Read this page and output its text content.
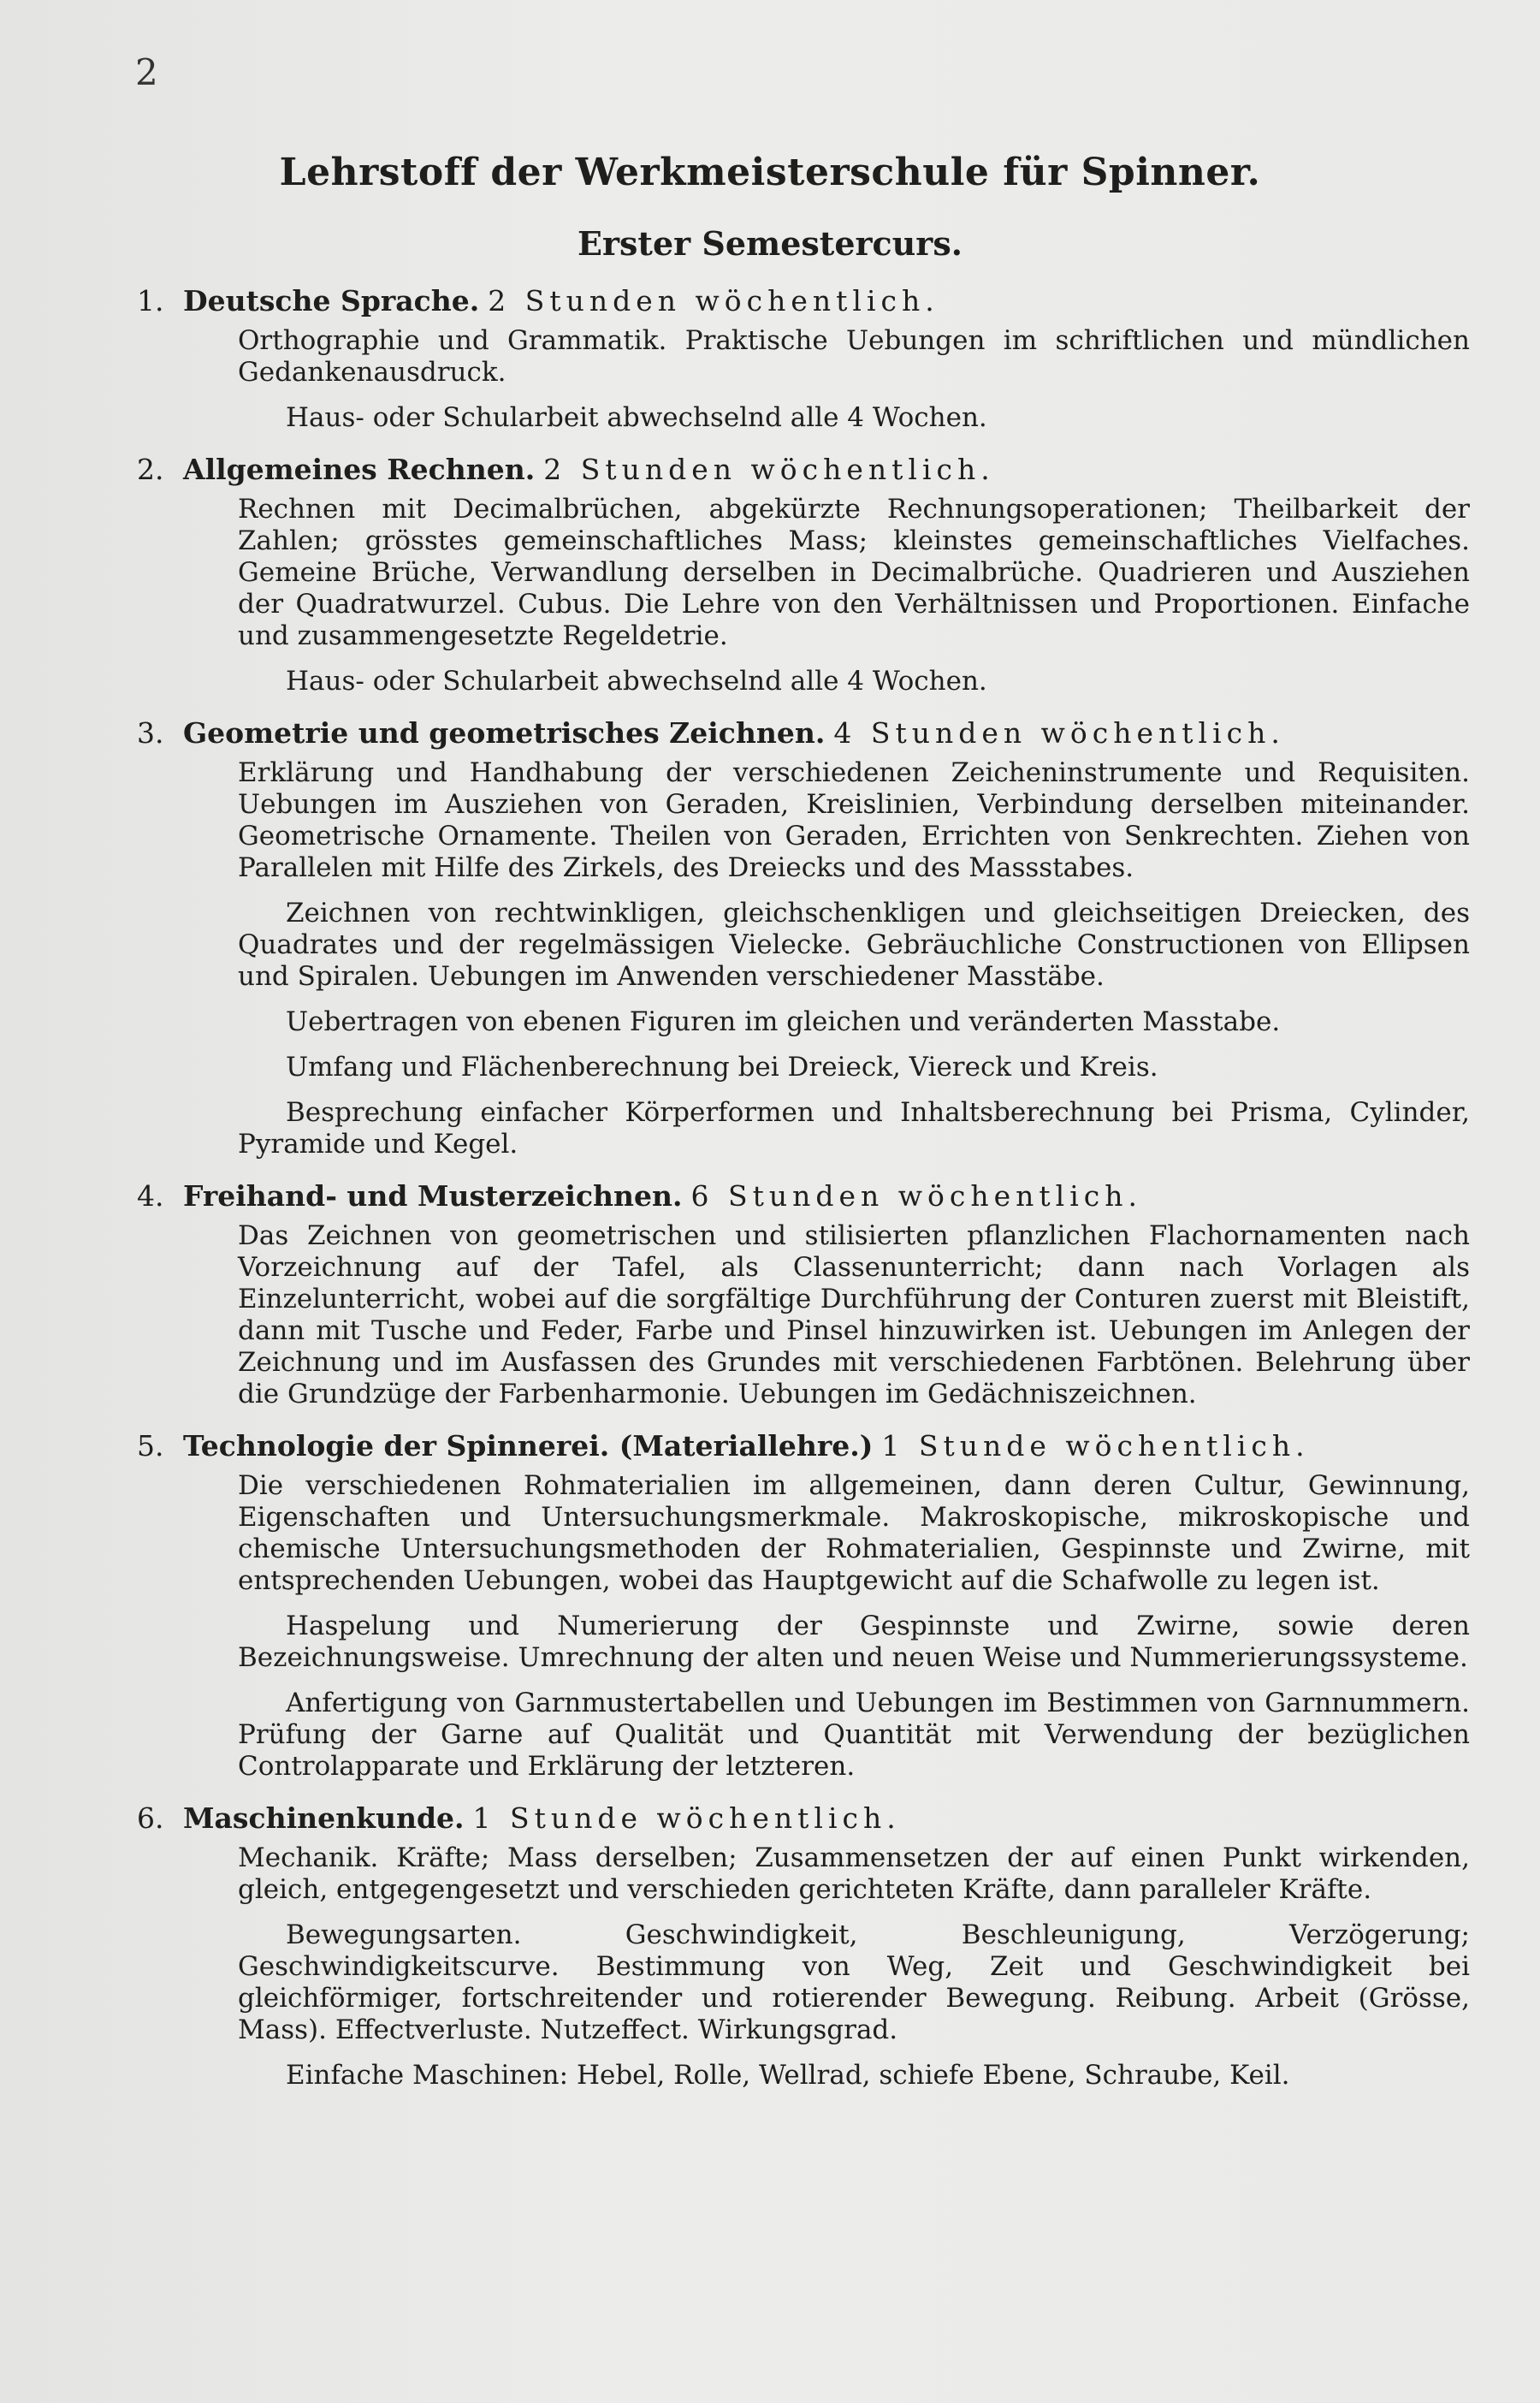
2
Lehrstoff der Werkmeisterschule für Spinner.
Erster Semestercurs.
1. Deutsche Sprache. 2 Stunden wöchentlich.

Orthographie und Grammatik. Praktische Uebungen im schriftlichen und mündlichen Gedankenausdruck.

Haus- oder Schularbeit abwechselnd alle 4 Wochen.

2. Allgemeines Rechnen. 2 Stunden wöchentlich.

Rechnen mit Decimalbrüchen, abgekürzte Rechnungsoperationen; Theilbarkeit der Zahlen; grösstes gemeinschaftliches Mass; kleinstes gemeinschaftliches Vielfaches. Gemeine Brüche, Verwandlung derselben in Decimalbrüche. Quadrieren und Ausziehen der Quadratwurzel. Cubus. Die Lehre von den Verhältnissen und Proportionen. Einfache und zusammengesetzte Regeldetrie.

Haus- oder Schularbeit abwechselnd alle 4 Wochen.

3. Geometrie und geometrisches Zeichnen. 4 Stunden wöchentlich.

Erklärung und Handhabung der verschiedenen Zeicheninstrumente und Requisiten. Uebungen im Ausziehen von Geraden, Kreislinien, Verbindung derselben miteinander. Geometrische Ornamente. Theilen von Geraden, Errichten von Senkrechten. Ziehen von Parallelen mit Hilfe des Zirkels, des Dreiecks und des Massstabes.

Zeichnen von rechtwinkligen, gleichschenkligen und gleichseitigen Dreiecken, des Quadrates und der regelmässigen Vielecke. Gebräuchliche Constructionen von Ellipsen und Spiralen. Uebungen im Anwenden verschiedener Masstäbe.

Uebertragen von ebenen Figuren im gleichen und veränderten Masstabe.

Umfang und Flächenberechnung bei Dreieck, Viereck und Kreis.

Besprechung einfacher Körperformen und Inhaltsberechnung bei Prisma, Cylinder, Pyramide und Kegel.

4. Freihand- und Musterzeichnen. 6 Stunden wöchentlich.

Das Zeichnen von geometrischen und stilisierten pflanzlichen Flachornamenten nach Vorzeichnung auf der Tafel, als Classenunterricht; dann nach Vorlagen als Einzelunterricht, wobei auf die sorgfältige Durchführung der Conturen zuerst mit Bleistift, dann mit Tusche und Feder, Farbe und Pinsel hinzuwirken ist. Uebungen im Anlegen der Zeichnung und im Ausfassen des Grundes mit verschiedenen Farbtönen. Belehrung über die Grundzüge der Farbenharmonie. Uebungen im Gedächniszeichnen.

5. Technologie der Spinnerei. (Materiallehre.) 1 Stunde wöchentlich.

Die verschiedenen Rohmaterialien im allgemeinen, dann deren Cultur, Gewinnung, Eigenschaften und Untersuchungsmerkmale. Makroskopische, mikroskopische und chemische Untersuchungsmethoden der Rohmaterialien, Gespinnste und Zwirne, mit entsprechenden Uebungen, wobei das Hauptgewicht auf die Schafwolle zu legen ist.

Haspelung und Numerierung der Gespinnste und Zwirne, sowie deren Bezeichnungsweise. Umrechnung der alten und neuen Weise und Nummerierungssysteme.

Anfertigung von Garnmustertabellen und Uebungen im Bestimmen von Garnnummern. Prüfung der Garne auf Qualität und Quantität mit Verwendung der bezüglichen Controlapparate und Erklärung der letzteren.

6. Maschinenkunde. 1 Stunde wöchentlich.

Mechanik. Kräfte; Mass derselben; Zusammensetzen der auf einen Punkt wirkenden, gleich, entgegengesetzt und verschieden gerichteten Kräfte, dann paralleler Kräfte.

Bewegungsarten. Geschwindigkeit, Beschleunigung, Verzögerung; Geschwindigkeitscurve. Bestimmung von Weg, Zeit und Geschwindigkeit bei gleichförmiger, fortschreitender und rotierender Bewegung. Reibung. Arbeit (Grösse, Mass). Effectverluste. Nutzeffect. Wirkungsgrad.

Einfache Maschinen: Hebel, Rolle, Wellrad, schiefe Ebene, Schraube, Keil.
